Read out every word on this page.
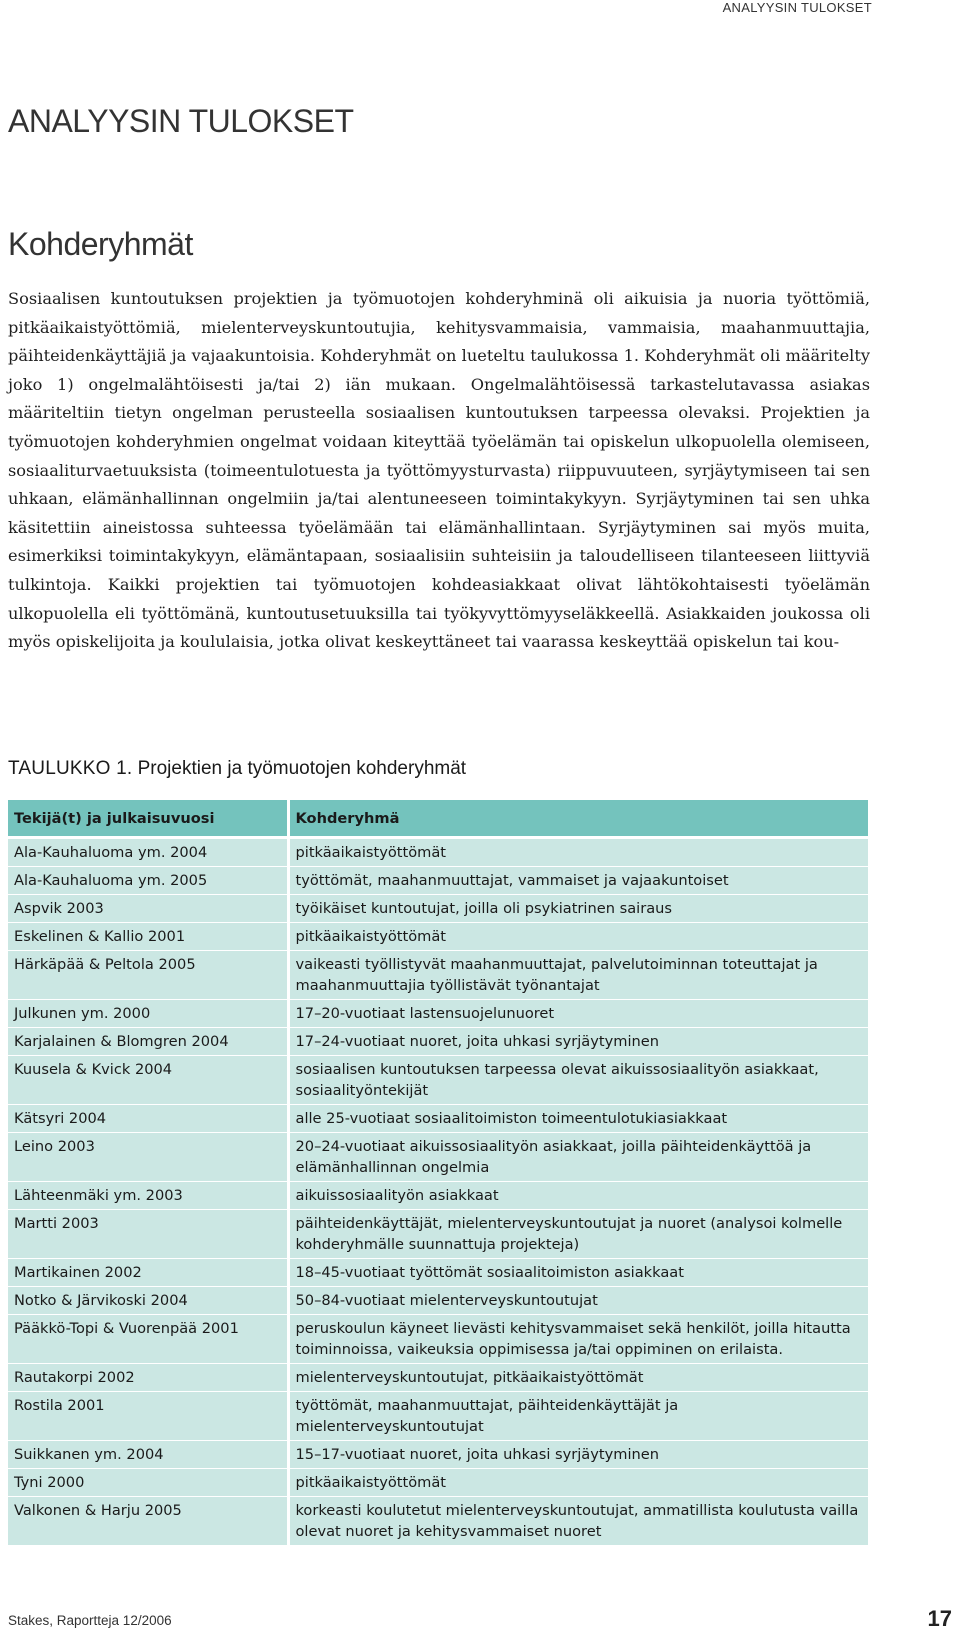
ANALYYSIN TULOKSET
ANALYYSIN TULOKSET
Kohderyhmät

Sosiaalisen kuntoutuksen projektien ja työmuotojen kohderyhminä oli aikuisia ja nuoria työttömiä, pitkäaikaistyöttömiä, mielenterveyskuntoutujia, kehitysvammaisia, vammaisia, maahanmuuttajia, päihteidenkäyttäjiä ja vajaakuntoisia. Kohderyhmät on lueteltu taulukossa 1. Kohderyhmät oli määritelty joko 1) ongelmalähtöisesti ja/tai 2) iän mukaan. Ongelmalähtöisessä tarkastelutavassa asiakas määriteltiin tietyn ongelman perusteella sosiaalisen kuntoutuksen tarpeessa olevaksi. Projektien ja työmuotojen kohderyhmien ongelmat voidaan kiteyttää työelämän tai opiskelun ulkopuolella olemiseen, sosiaaliturvaetuuksista (toimeentulotuesta ja työttömyysturvasta) riippuvuuteen, syrjäytymiseen tai sen uhkaan, elämänhallinnan ongelmiin ja/tai alentuneeseen toimintakykyyn. Syrjäytyminen tai sen uhka käsitettiin aineistossa suhteessa työelämään tai elämänhallintaan. Syrjäytyminen sai myös muita, esimerkiksi toimintakykyyn, elämäntapaan, sosiaalisiin suhteisiin ja taloudelliseen tilanteeseen liittyviä tulkintoja. Kaikki projektien tai työmuotojen kohdeasiakkaat olivat lähtökohtaisesti työelämän ulkopuolella eli työttömänä, kuntoutusetuuksilla tai työkyvyttömyyseläkkeellä. Asiakkaiden joukossa oli myös opiskelijoita ja koululaisia, jotka olivat keskeyttäneet tai vaarassa keskeyttää opiskelun tai kou-

TAULUKKO 1. Projektien ja työmuotojen kohderyhmät
Tekijä(t) ja julkaisuvuosi	Kohderyhmä
Ala-Kauhaluoma ym. 2004	pitkäaikaistyöttömät
Ala-Kauhaluoma ym. 2005	työttömät, maahanmuuttajat, vammaiset ja vajaakuntoiset
Aspvik 2003	työikäiset kuntoutujat, joilla oli psykiatrinen sairaus
Eskelinen & Kallio 2001	pitkäaikaistyöttömät
Härkäpää & Peltola 2005	vaikeasti työllistyvät maahanmuuttajat, palvelutoiminnan toteuttajat ja maahanmuuttajia työllistävät työnantajat
Julkunen ym. 2000	17–20-vuotiaat lastensuojelunuoret
Karjalainen & Blomgren 2004	17–24-vuotiaat nuoret, joita uhkasi syrjäytyminen
Kuusela & Kvick 2004	sosiaalisen kuntoutuksen tarpeessa olevat aikuissosiaalityön asiakkaat, sosiaalityöntekijät
Kätsyri 2004	alle 25-vuotiaat sosiaalitoimiston toimeentulotukiasiakkaat
Leino 2003	20–24-vuotiaat aikuissosiaalityön asiakkaat, joilla päihteidenkäyttöä ja elämänhallinnan ongelmia
Lähteenmäki ym. 2003	aikuissosiaalityön asiakkaat
Martti 2003	päihteidenkäyttäjät, mielenterveyskuntoutujat ja nuoret (analysoi kolmelle kohderyhmälle suunnattuja projekteja)
Martikainen 2002	18–45-vuotiaat työttömät sosiaalitoimiston asiakkaat
Notko & Järvikoski 2004	50–84-vuotiaat mielenterveyskuntoutujat
Pääkkö-Topi & Vuorenpää 2001	peruskoulun käyneet lievästi kehitysvammaiset sekä henkilöt, joilla hitautta toiminnoissa, vaikeuksia oppimisessa ja/tai oppiminen on erilaista.
Rautakorpi 2002	mielenterveyskuntoutujat, pitkäaikaistyöttömät
Rostila 2001	työttömät, maahanmuuttajat, päihteidenkäyttäjät ja mielenterveyskuntoutujat
Suikkanen ym. 2004	15–17-vuotiaat nuoret, joita uhkasi syrjäytyminen
Tyni 2000	pitkäaikaistyöttömät
Valkonen & Harju 2005	korkeasti koulutetut mielenterveyskuntoutujat, ammatillista koulutusta vailla olevat nuoret ja kehitysvammaiset nuoret
Stakes, Raportteja 12/2006	17
